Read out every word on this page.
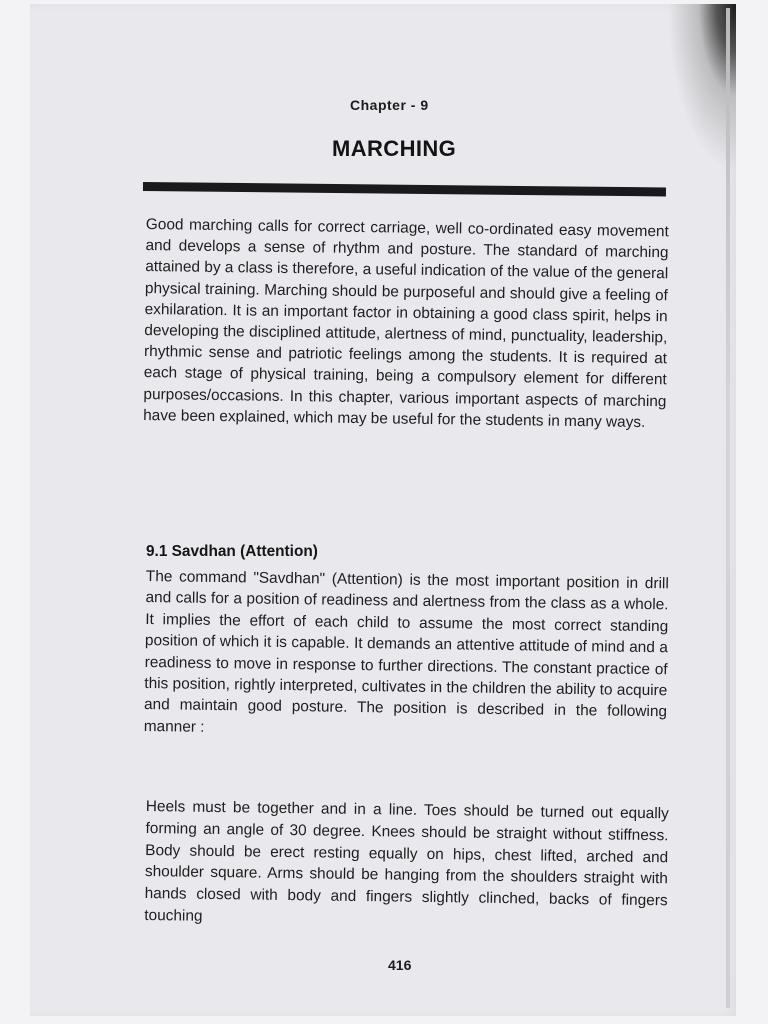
Chapter - 9
MARCHING

Good marching calls for correct carriage, well co-ordinated easy movement and develops a sense of rhythm and posture. The standard of marching attained by a class is therefore, a useful indication of the value of the general physical training. Marching should be purposeful and should give a feeling of exhilaration. It is an important factor in obtaining a good class spirit, helps in developing the disciplined attitude, alertness of mind, punctuality, leadership, rhythmic sense and patriotic feelings among the students. It is required at each stage of physical training, being a compulsory element for different purposes/occasions. In this chapter, various important aspects of marching have been explained, which may be useful for the students in many ways.

9.1 Savdhan (Attention)

The command "Savdhan" (Attention) is the most important position in drill and calls for a position of readiness and alertness from the class as a whole. It implies the effort of each child to assume the most correct standing position of which it is capable. It demands an attentive attitude of mind and a readiness to move in response to further directions. The constant practice of this position, rightly interpreted, cultivates in the children the ability to acquire and maintain good posture. The position is described in the following manner :

Heels must be together and in a line. Toes should be turned out equally forming an angle of 30 degree. Knees should be straight without stiffness. Body should be erect resting equally on hips, chest lifted, arched and shoulder square. Arms should be hanging from the shoulders straight with hands closed with body and fingers slightly clinched, backs of fingers touching

416
